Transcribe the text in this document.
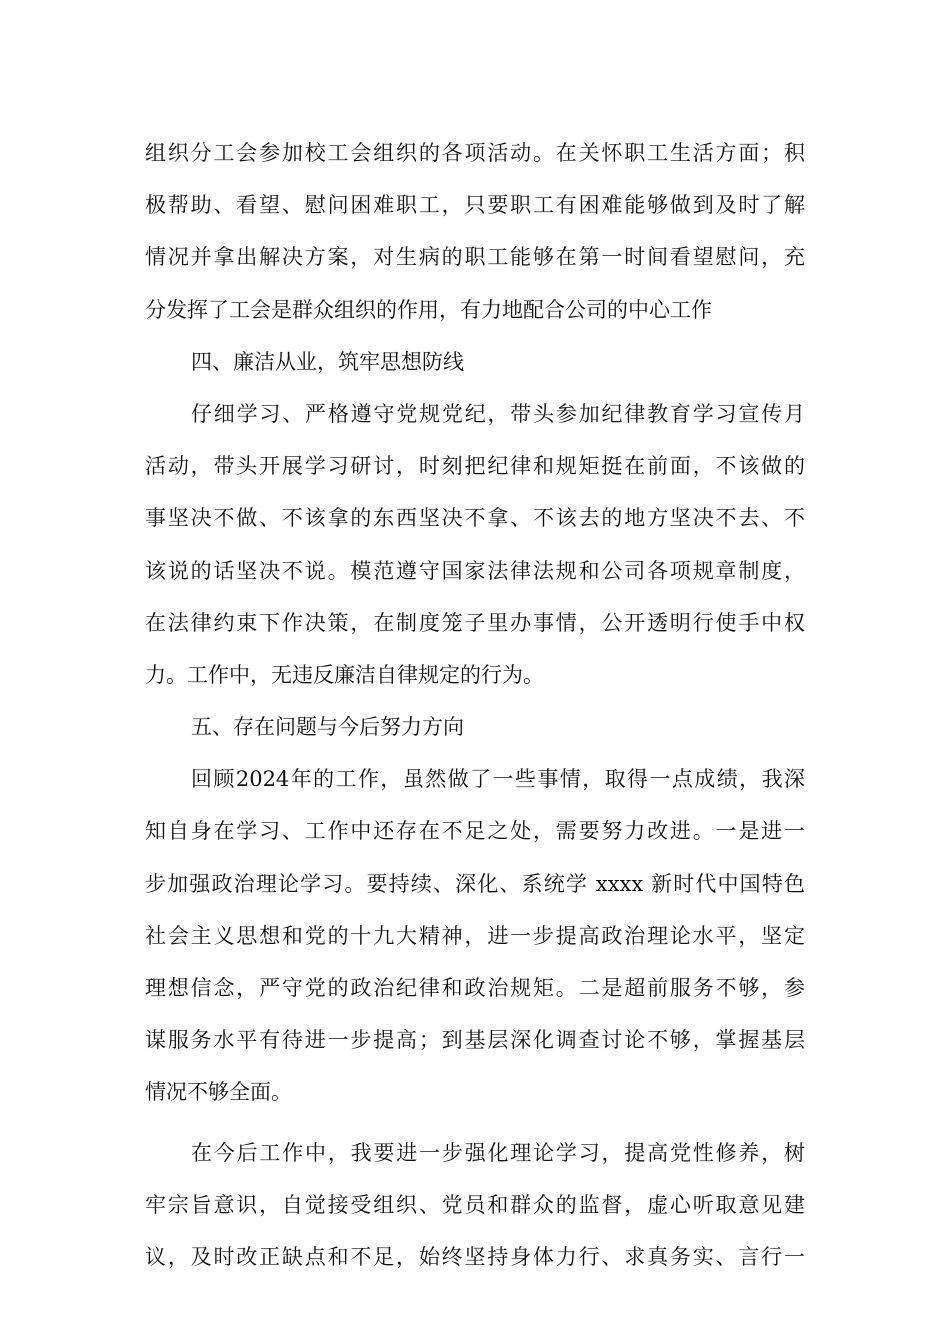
组织分工会参加校工会组织的各项活动。在关怀职工生活方面；积
极帮助、看望、慰问困难职工，只要职工有困难能够做到及时了解
情况并拿出解决方案，对生病的职工能够在第一时间看望慰问，充
分发挥了工会是群众组织的作用，有力地配合公司的中心工作
四、廉洁从业，筑牢思想防线
仔细学习、严格遵守党规党纪，带头参加纪律教育学习宣传月
活动，带头开展学习研讨，时刻把纪律和规矩挺在前面，不该做的
事坚决不做、不该拿的东西坚决不拿、不该去的地方坚决不去、不
该说的话坚决不说。模范遵守国家法律法规和公司各项规章制度，
在法律约束下作决策，在制度笼子里办事情，公开透明行使手中权
力。工作中，无违反廉洁自律规定的行为。
五、存在问题与今后努力方向
回顾2024年的工作，虽然做了一些事情，取得一点成绩，我深
知自身在学习、工作中还存在不足之处，需要努力改进。一是进一
步加强政治理论学习。要持续、深化、系统学 xxxx 新时代中国特色
社会主义思想和党的十九大精神，进一步提高政治理论水平，坚定
理想信念，严守党的政治纪律和政治规矩。二是超前服务不够，参
谋服务水平有待进一步提高；到基层深化调查讨论不够，掌握基层
情况不够全面。
在今后工作中，我要进一步强化理论学习，提高党性修养，树
牢宗旨意识，自觉接受组织、党员和群众的监督，虚心听取意见建
议，及时改正缺点和不足，始终坚持身体力行、求真务实、言行一
